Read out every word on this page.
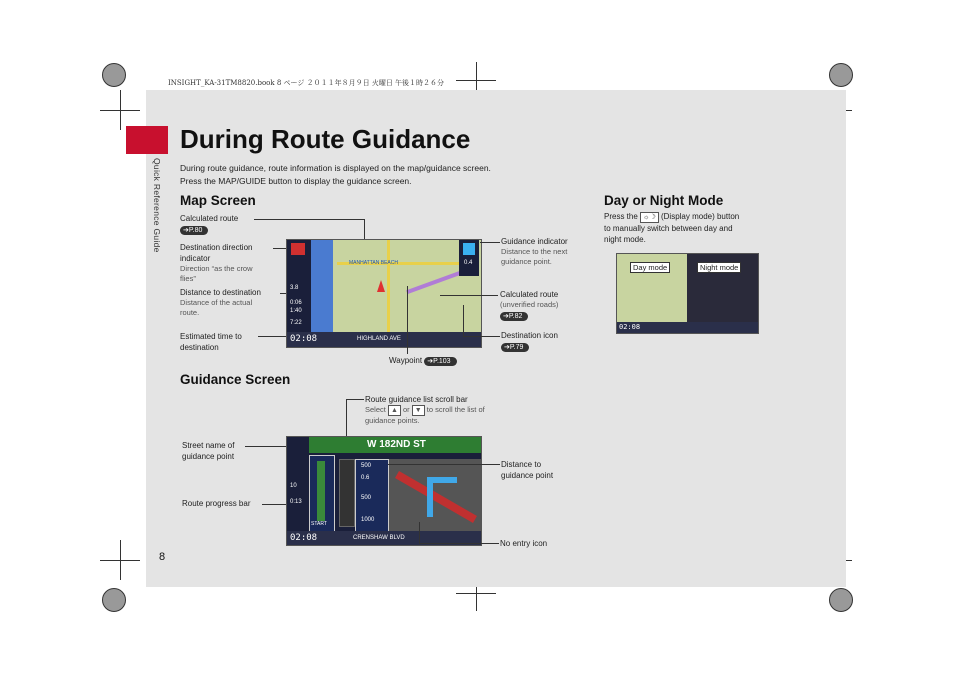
INSIGHT_KA-31TM8820.book 8 ページ ２０１１年８月９日 火曜日 午後１時２６分
Quick Reference Guide
During Route Guidance
During route guidance, route information is displayed on the map/guidance screen.
Press the MAP/GUIDE button to display the guidance screen.
Map Screen
Calculated route
➔P.80
Destination direction
indicator
Direction “as the crow
flies”
Distance to destination
Distance of the actual
route.
Estimated time to
destination
MANHATTAN BEACH
3.8
0:06
1:40
7:22
0.4
02:08	HIGHLAND AVE
Guidance indicator
Distance to the next
guidance point.
Calculated route
(unverified roads)
➔P.82
Destination icon
➔P.79
Waypoint ➔P.103
Day or Night Mode
Press the ☼☽ (Display mode) button
to manually switch between day and
night mode.
02:08
Day mode	Night mode
Guidance Screen
Route guidance list scroll bar
Select ▲ or ▼ to scroll the list of
guidance points.
Street name of
guidance point
Route progress bar
W 182ND ST
10
0:13
START
500
0.6
500
1000
02:08	CRENSHAW BLVD
Distance to
guidance point
No entry icon
8
